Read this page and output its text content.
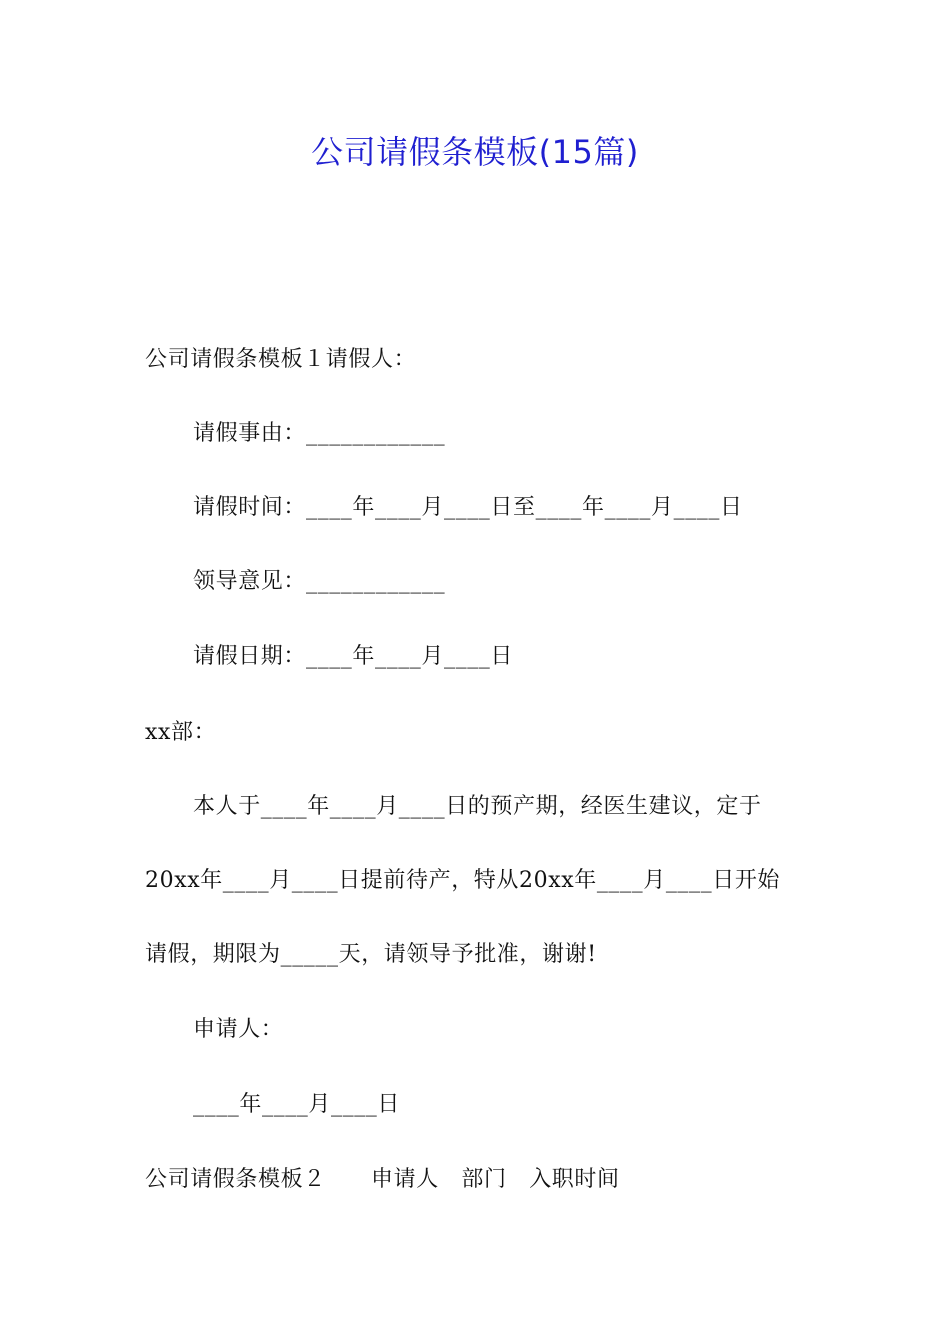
公司请假条模板(15篇)
公司请假条模板１请假人：
请假事由：____________
请假时间：____年____月____日至____年____月____日
领导意见：____________
请假日期：____年____月____日
xx部：
本人于____年____月____日的预产期，经医生建议，定于
20xx年____月____日提前待产，特从20xx年____月____日开始
请假，期限为_____天，请领导予批准，谢谢!
申请人：
____年____月____日
公司请假条模板２　　申请人　部门　入职时间
